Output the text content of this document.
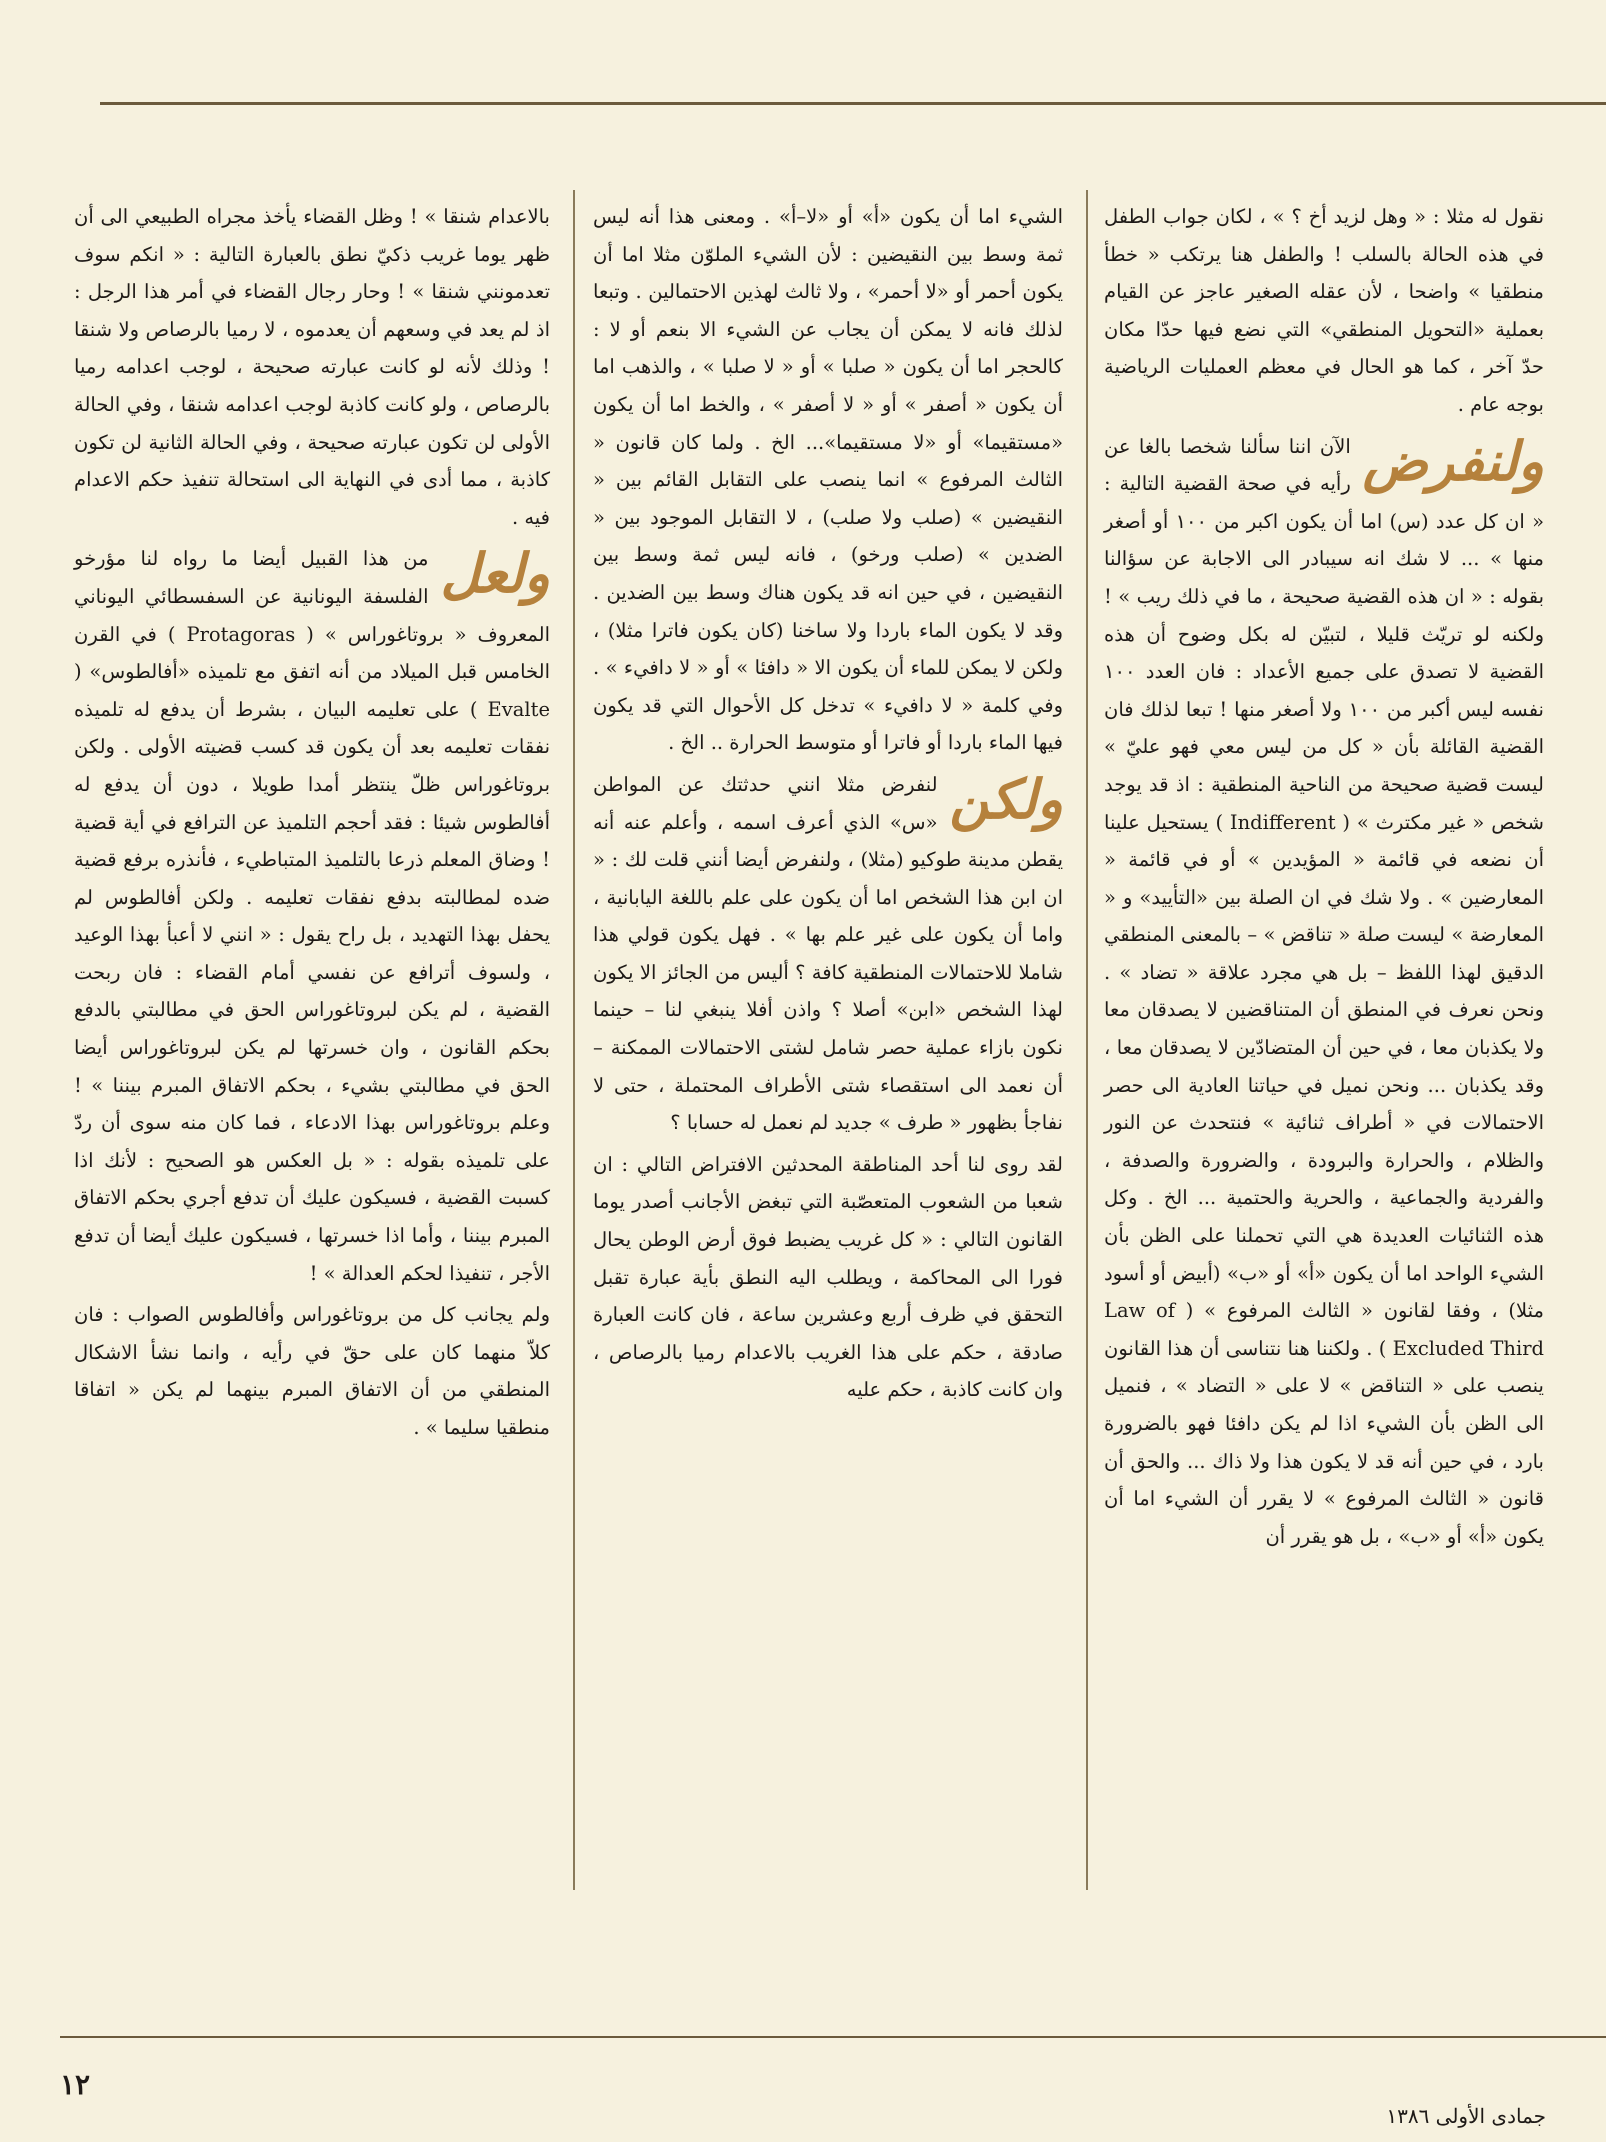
نقول له مثلا : « وهل لزيد أخ ؟ » ، لكان جواب الطفل في هذه الحالة بالسلب ! والطفل هنا يرتكب « خطأ منطقيا » واضحا ، لأن عقله الصغير عاجز عن القيام بعملية «التحويل المنطقي» التي نضع فيها حدّا مكان حدّ آخر ، كما هو الحال في معظم العمليات الرياضية بوجه عام .

ولنفرض
الآن اننا سألنا شخصا بالغا عن رأيه في صحة القضية التالية : « ان كل عدد (س) اما أن يكون اكبر من ١٠٠ أو أصغر منها » ... لا شك انه سيبادر الى الاجابة عن سؤالنا بقوله : « ان هذه القضية صحيحة ، ما في ذلك ريب » ! ولكنه لو تريّث قليلا ، لتبيّن له بكل وضوح أن هذه القضية لا تصدق على جميع الأعداد : فان العدد ١٠٠ نفسه ليس أكبر من ١٠٠ ولا أصغر منها ! تبعا لذلك فان القضية القائلة بأن « كل من ليس معي فهو عليّ » ليست قضية صحيحة من الناحية المنطقية : اذ قد يوجد شخص « غير مكترث » ( Indifferent ) يستحيل علينا أن نضعه في قائمة « المؤيدين » أو في قائمة « المعارضين » . ولا شك في ان الصلة بين «التأييد» و « المعارضة » ليست صلة « تناقض » – بالمعنى المنطقي الدقيق لهذا اللفظ – بل هي مجرد علاقة « تضاد » . ونحن نعرف في المنطق أن المتناقضين لا يصدقان معا ولا يكذبان معا ، في حين أن المتضادّين لا يصدقان معا ، وقد يكذبان ... ونحن نميل في حياتنا العادية الى حصر الاحتمالات في « أطراف ثنائية » فنتحدث عن النور والظلام ، والحرارة والبرودة ، والضرورة والصدفة ، والفردية والجماعية ، والحرية والحتمية ... الخ . وكل هذه الثنائيات العديدة هي التي تحملنا على الظن بأن الشيء الواحد اما أن يكون «أ» أو «ب» (أبيض أو أسود مثلا) ، وفقا لقانون « الثالث المرفوع » ( Law of Excluded Third ) . ولكننا هنا نتناسى أن هذا القانون ينصب على « التناقض » لا على « التضاد » ، فنميل الى الظن بأن الشيء اذا لم يكن دافئا فهو بالضرورة بارد ، في حين أنه قد لا يكون هذا ولا ذاك ... والحق أن قانون « الثالث المرفوع » لا يقرر أن الشيء اما أن يكون «أ» أو «ب» ، بل هو يقرر أن

الشيء اما أن يكون «أ» أو «لا–أ» . ومعنى هذا أنه ليس ثمة وسط بين النقيضين : لأن الشيء الملوّن مثلا اما أن يكون أحمر أو «لا أحمر» ، ولا ثالث لهذين الاحتمالين . وتبعا لذلك فانه لا يمكن أن يجاب عن الشيء الا بنعم أو لا : كالحجر اما أن يكون « صلبا » أو « لا صلبا » ، والذهب اما أن يكون « أصفر » أو « لا أصفر » ، والخط اما أن يكون «مستقيما» أو «لا مستقيما»... الخ . ولما كان قانون « الثالث المرفوع » انما ينصب على التقابل القائم بين « النقيضين » (صلب ولا صلب) ، لا التقابل الموجود بين « الضدين » (صلب ورخو) ، فانه ليس ثمة وسط بين النقيضين ، في حين انه قد يكون هناك وسط بين الضدين . وقد لا يكون الماء باردا ولا ساخنا (كان يكون فاترا مثلا) ، ولكن لا يمكن للماء أن يكون الا « دافئا » أو « لا دافيء » . وفي كلمة « لا دافيء » تدخل كل الأحوال التي قد يكون فيها الماء باردا أو فاترا أو متوسط الحرارة .. الخ .

ولكن
لنفرض مثلا انني حدثتك عن المواطن «س» الذي أعرف اسمه ، وأعلم عنه أنه يقطن مدينة طوكيو (مثلا) ، ولنفرض أيضا أنني قلت لك : « ان ابن هذا الشخص اما أن يكون على علم باللغة اليابانية ، واما أن يكون على غير علم بها » . فهل يكون قولي هذا شاملا للاحتمالات المنطقية كافة ؟ أليس من الجائز الا يكون لهذا الشخص «ابن» أصلا ؟ واذن أفلا ينبغي لنا – حينما نكون بازاء عملية حصر شامل لشتى الاحتمالات الممكنة – أن نعمد الى استقصاء شتى الأطراف المحتملة ، حتى لا نفاجأ بظهور « طرف » جديد لم نعمل له حسابا ؟

لقد روى لنا أحد المناطقة المحدثين الافتراض التالي : ان شعبا من الشعوب المتعصّبة التي تبغض الأجانب أصدر يوما القانون التالي : « كل غريب يضبط فوق أرض الوطن يحال فورا الى المحاكمة ، ويطلب اليه النطق بأية عبارة تقبل التحقق في ظرف أربع وعشرين ساعة ، فان كانت العبارة صادقة ، حكم على هذا الغريب بالاعدام رميا بالرصاص ، وان كانت كاذبة ، حكم عليه

بالاعدام شنقا » ! وظل القضاء يأخذ مجراه الطبيعي الى أن ظهر يوما غريب ذكيّ نطق بالعبارة التالية : « انكم سوف تعدمونني شنقا » ! وحار رجال القضاء في أمر هذا الرجل : اذ لم يعد في وسعهم أن يعدموه ، لا رميا بالرصاص ولا شنقا ! وذلك لأنه لو كانت عبارته صحيحة ، لوجب اعدامه رميا بالرصاص ، ولو كانت كاذبة لوجب اعدامه شنقا ، وفي الحالة الأولى لن تكون عبارته صحيحة ، وفي الحالة الثانية لن تكون كاذبة ، مما أدى في النهاية الى استحالة تنفيذ حكم الاعدام فيه .

ولعل
من هذا القبيل أيضا ما رواه لنا مؤرخو الفلسفة اليونانية عن السفسطائي اليوناني المعروف « بروتاغوراس » ( Protagoras ) في القرن الخامس قبل الميلاد من أنه اتفق مع تلميذه «أفالطوس» ( Evalte ) على تعليمه البيان ، بشرط أن يدفع له تلميذه نفقات تعليمه بعد أن يكون قد كسب قضيته الأولى . ولكن بروتاغوراس ظلّ ينتظر أمدا طويلا ، دون أن يدفع له أفالطوس شيئا : فقد أحجم التلميذ عن الترافع في أية قضية ! وضاق المعلم ذرعا بالتلميذ المتباطيء ، فأنذره برفع قضية ضده لمطالبته بدفع نفقات تعليمه . ولكن أفالطوس لم يحفل بهذا التهديد ، بل راح يقول : « انني لا أعبأ بهذا الوعيد ، ولسوف أترافع عن نفسي أمام القضاء : فان ربحت القضية ، لم يكن لبروتاغوراس الحق في مطالبتي بالدفع بحكم القانون ، وان خسرتها لم يكن لبروتاغوراس أيضا الحق في مطالبتي بشيء ، بحكم الاتفاق المبرم بيننا » ! وعلم بروتاغوراس بهذا الادعاء ، فما كان منه سوى أن ردّ على تلميذه بقوله : « بل العكس هو الصحيح : لأنك اذا كسبت القضية ، فسيكون عليك أن تدفع أجري بحكم الاتفاق المبرم بيننا ، وأما اذا خسرتها ، فسيكون عليك أيضا أن تدفع الأجر ، تنفيذا لحكم العدالة » !

ولم يجانب كل من بروتاغوراس وأفالطوس الصواب : فان كلاّ منهما كان على حقّ في رأيه ، وانما نشأ الاشكال المنطقي من أن الاتفاق المبرم بينهما لم يكن « اتفاقا منطقيا سليما » .

١٢
جمادى الأولى ١٣٨٦
